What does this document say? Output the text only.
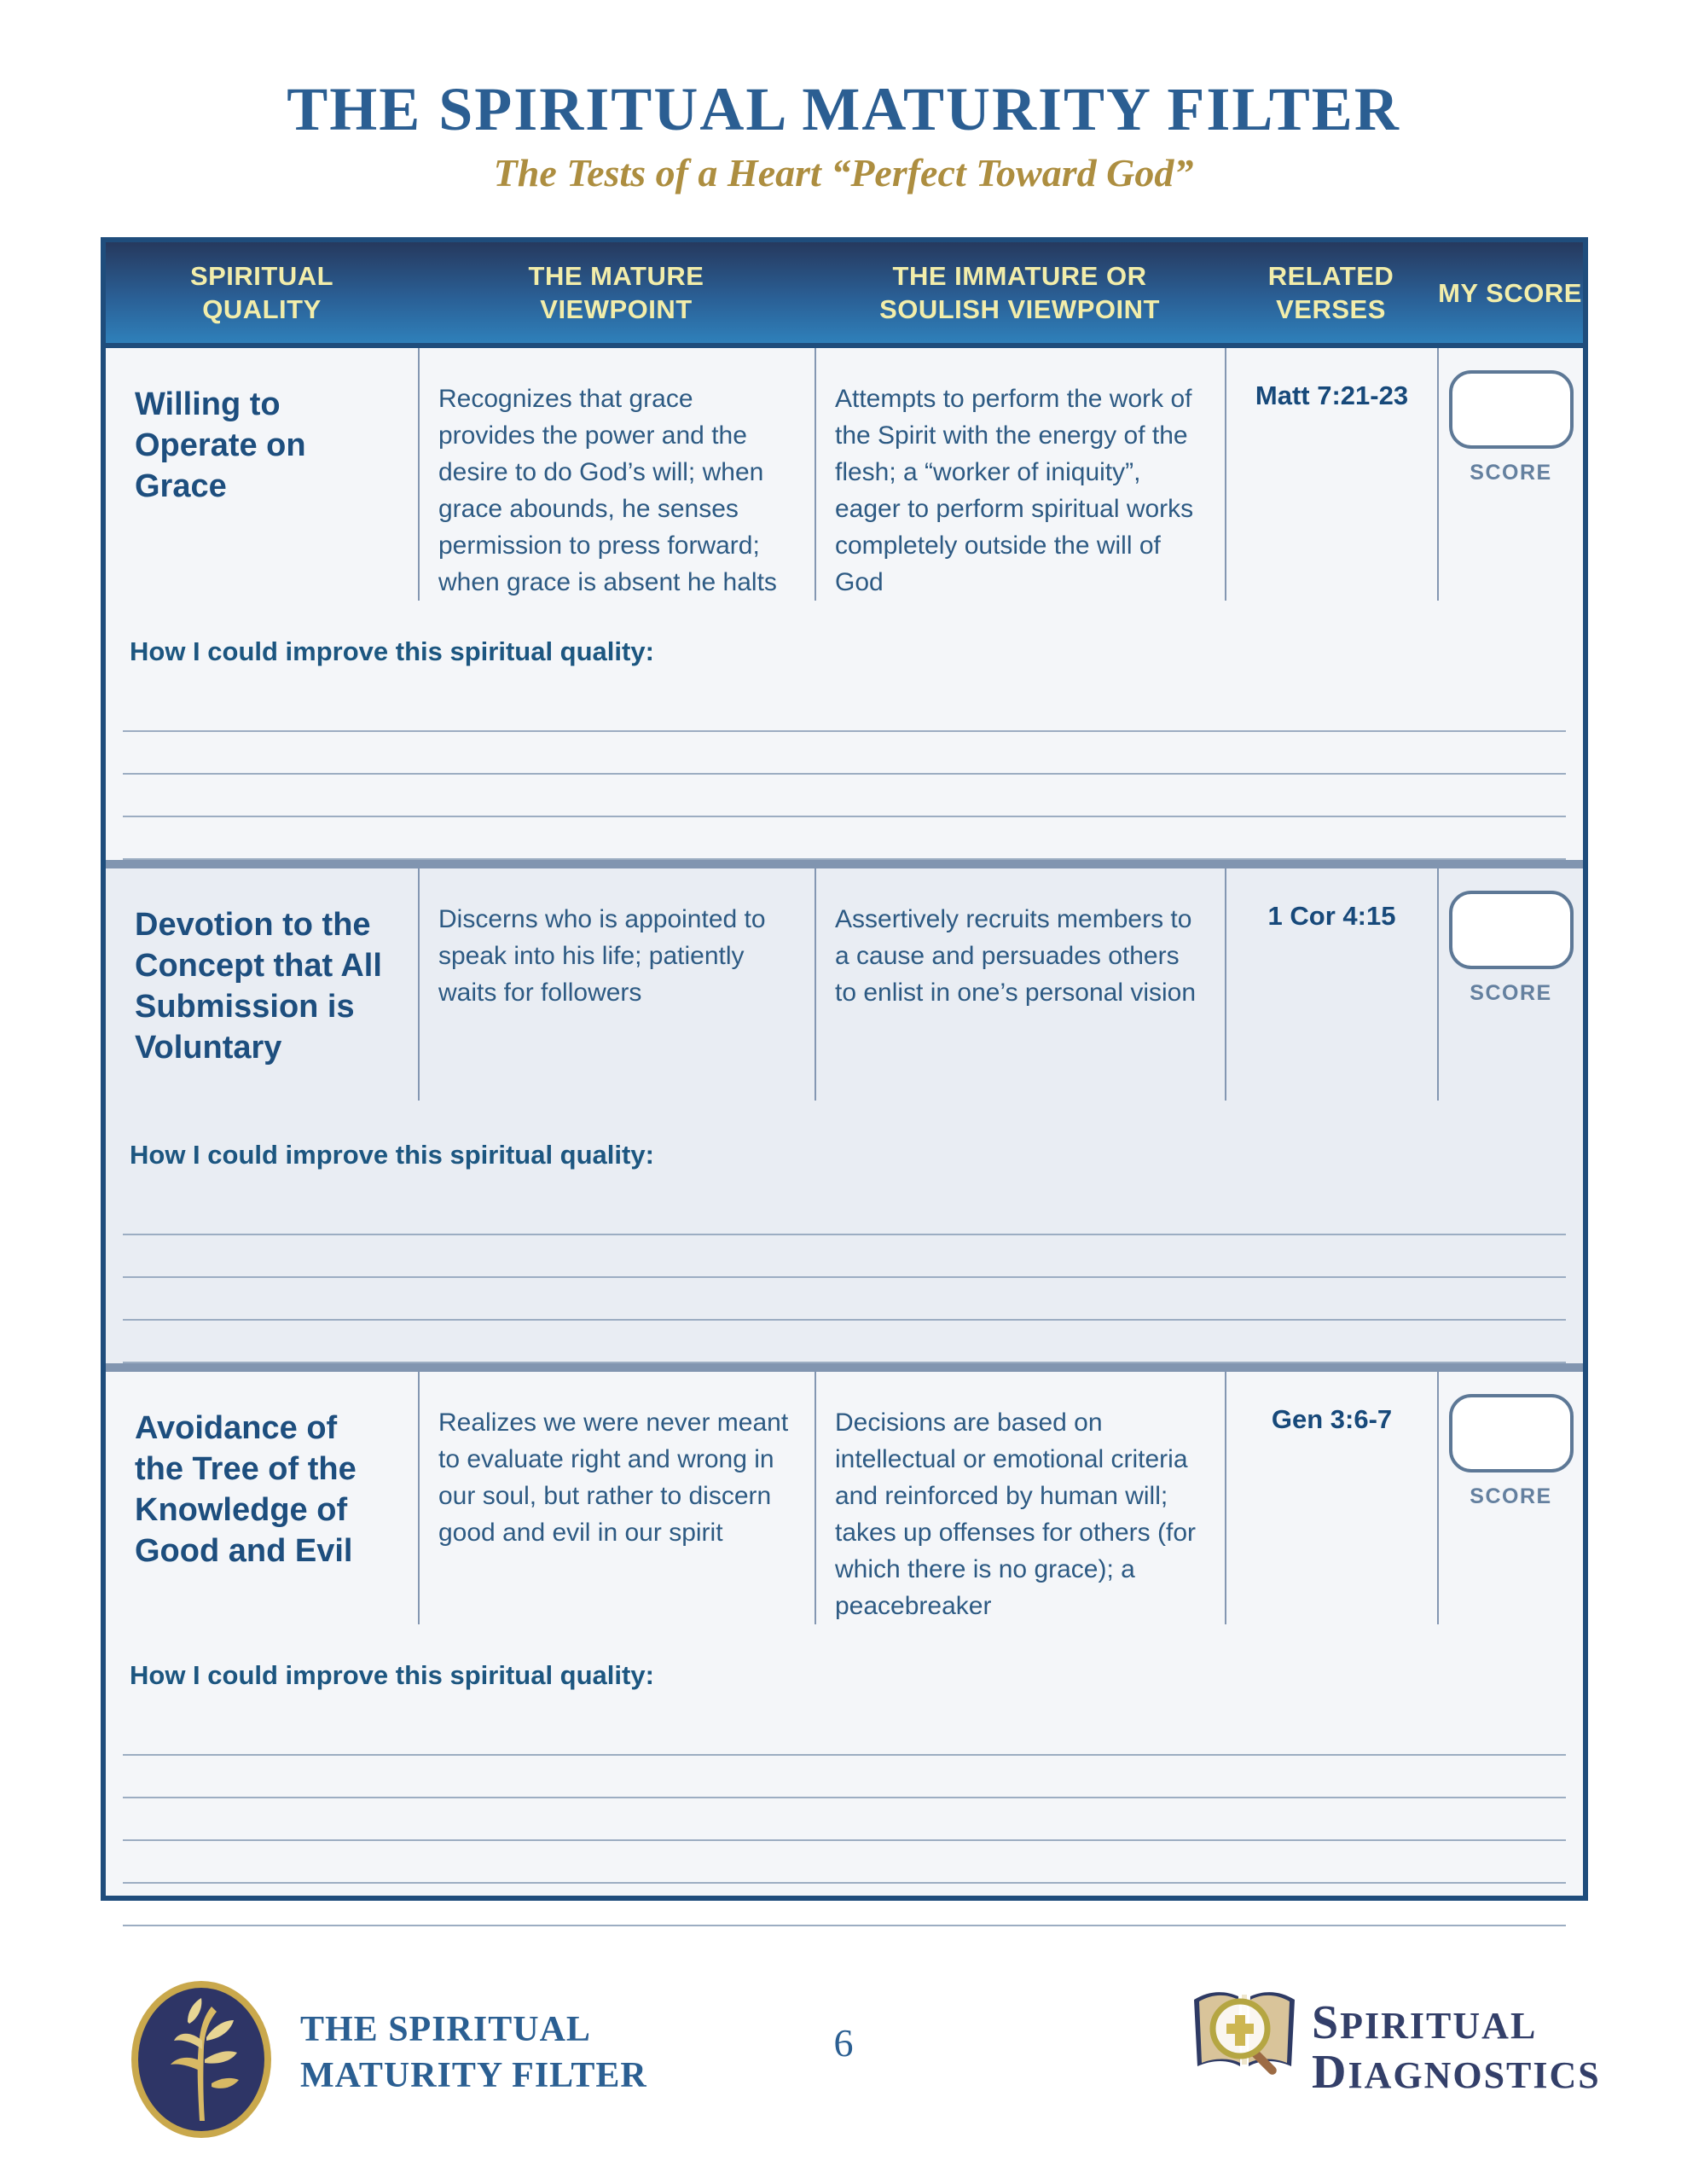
THE SPIRITUAL MATURITY FILTER
The Tests of a Heart “Perfect Toward God”
SPIRITUAL QUALITY
THE MATURE VIEWPOINT
THE IMMATURE OR SOULISH VIEWPOINT
RELATED VERSES
MY SCORE
Willing to Operate on Grace

Recognizes that grace provides the power and the desire to do God’s will; when grace abounds, he senses permission to press forward; when grace is absent he halts

Attempts to perform the work of the Spirit with the energy of the flesh; a “worker of iniquity”, eager to perform spiritual works completely outside the will of God

Matt 7:21-23
SCORE
How I could improve this spiritual quality:
Devotion to the Concept that All Submission is Voluntary

Discerns who is appointed to speak into his life; patiently waits for followers

Assertively recruits members to a cause and persuades others to enlist in one’s personal vision

1 Cor 4:15
SCORE
How I could improve this spiritual quality:
Avoidance of the Tree of the Knowledge of Good and Evil

Realizes we were never meant to evaluate right and wrong in our soul, but rather to discern good and evil in our spirit

Decisions are based on intellectual or emotional criteria and reinforced by human will; takes up offenses for others (for which there is no grace); a peacebreaker

Gen 3:6-7
SCORE
How I could improve this spiritual quality:
THE SPIRITUAL
MATURITY FILTER
6	SPIRITUAL
DIAGNOSTICS
